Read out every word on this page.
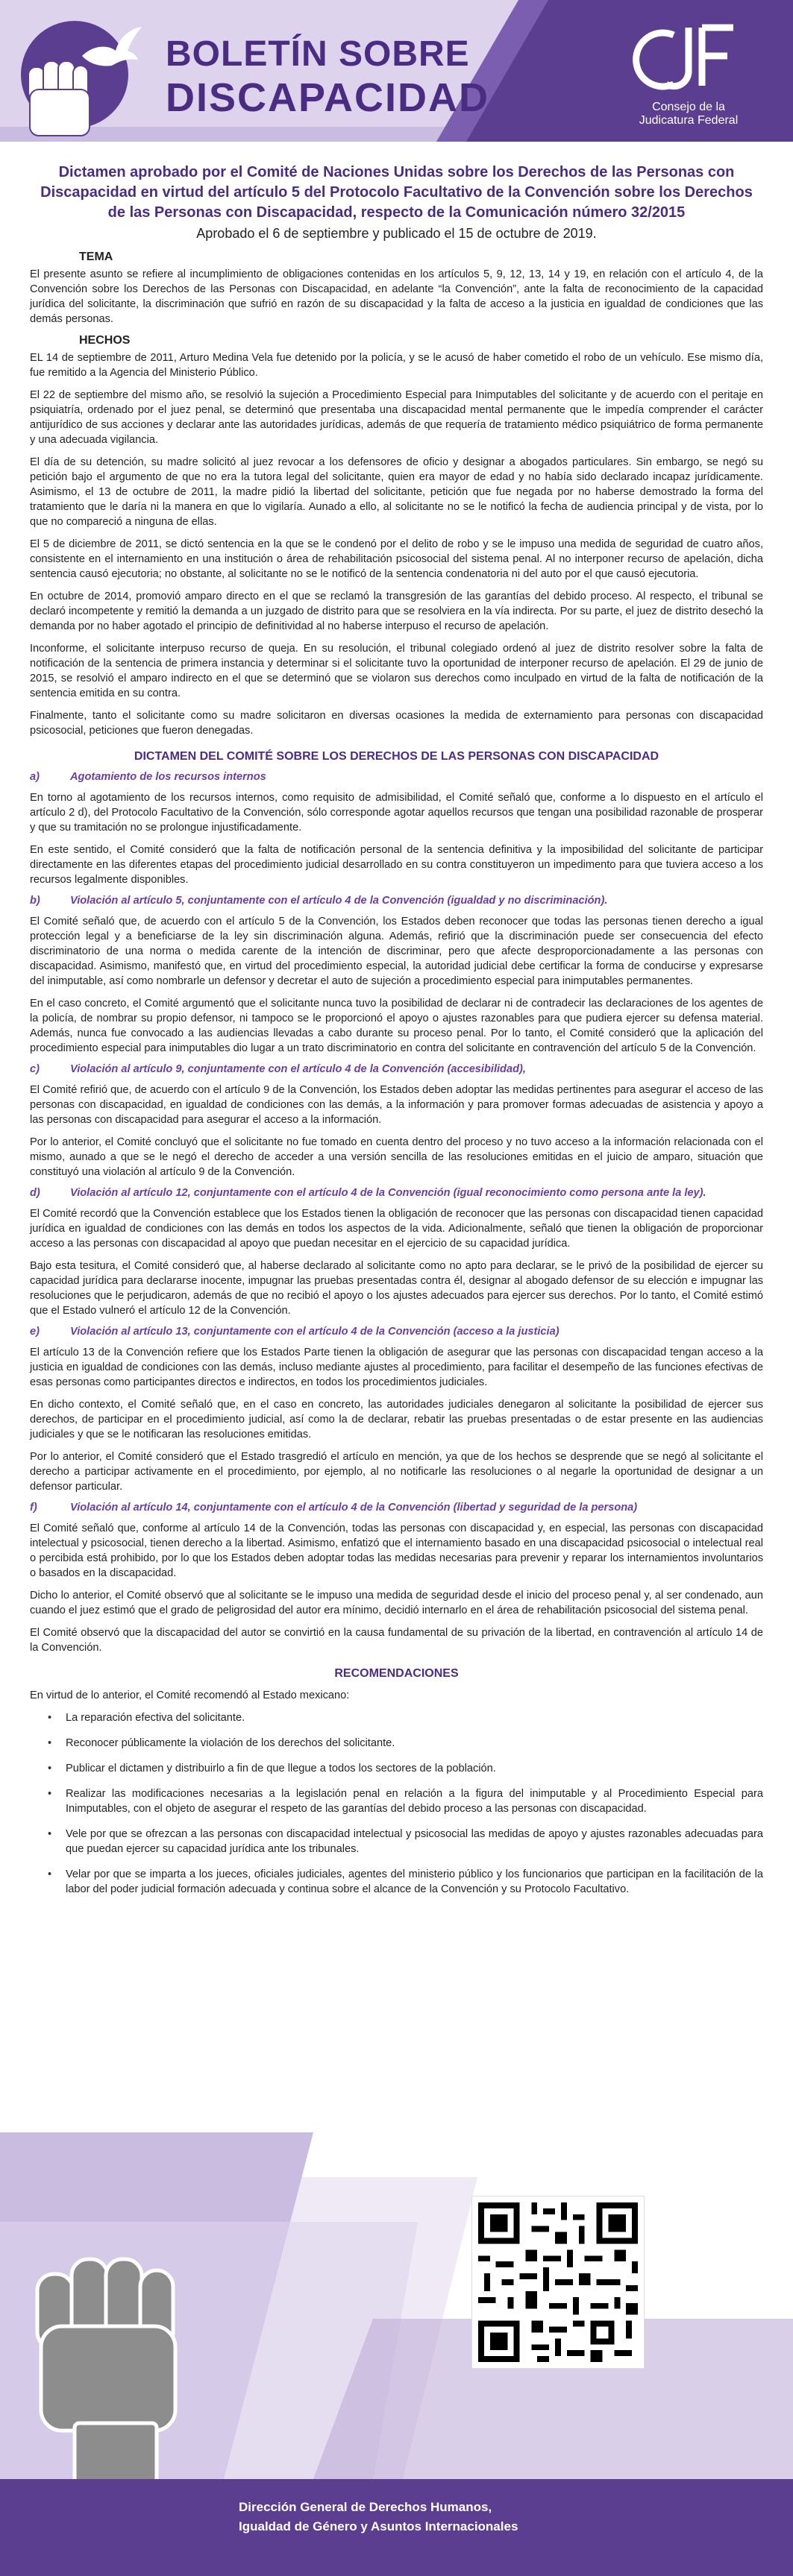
BOLETÍN SOBRE
DISCAPACIDAD	Consejo de la
Judicatura Federal
Dictamen aprobado por el Comité de Naciones Unidas sobre los Derechos de las Personas con Discapacidad en virtud del artículo 5 del Protocolo Facultativo de la Convención sobre los Derechos de las Personas con Discapacidad, respecto de la Comunicación número 32/2015
Aprobado el 6 de septiembre y publicado el 15 de octubre de 2019.
TEMA

El presente asunto se refiere al incumplimiento de obligaciones contenidas en los artículos 5, 9, 12, 13, 14 y 19, en relación con el artículo 4, de la Convención sobre los Derechos de las Personas con Discapacidad, en adelante “la Convención”, ante la falta de reconocimiento de la capacidad jurídica del solicitante, la discriminación que sufrió en razón de su discapacidad y la falta de acceso a la justicia en igualdad de condiciones que las demás personas.

HECHOS

EL 14 de septiembre de 2011, Arturo Medina Vela fue detenido por la policía, y se le acusó de haber cometido el robo de un vehículo. Ese mismo día, fue remitido a la Agencia del Ministerio Público.

El 22 de septiembre del mismo año, se resolvió la sujeción a Procedimiento Especial para Inimputables del solicitante y de acuerdo con el peritaje en psiquiatría, ordenado por el juez penal, se determinó que presentaba una discapacidad mental permanente que le impedía comprender el carácter antijurídico de sus acciones y declarar ante las autoridades jurídicas, además de que requería de tratamiento médico psiquiátrico de forma permanente y una adecuada vigilancia.

El día de su detención, su madre solicitó al juez revocar a los defensores de oficio y designar a abogados particulares. Sin embargo, se negó su petición bajo el argumento de que no era la tutora legal del solicitante, quien era mayor de edad y no había sido declarado incapaz jurídicamente. Asimismo, el 13 de octubre de 2011, la madre pidió la libertad del solicitante, petición que fue negada por no haberse demostrado la forma del tratamiento que le daría ni la manera en que lo vigilaría. Aunado a ello, al solicitante no se le notificó la fecha de audiencia principal y de vista, por lo que no compareció a ninguna de ellas.

El 5 de diciembre de 2011, se dictó sentencia en la que se le condenó por el delito de robo y se le impuso una medida de seguridad de cuatro años, consistente en el internamiento en una institución o área de rehabilitación psicosocial del sistema penal. Al no interponer recurso de apelación, dicha sentencia causó ejecutoria; no obstante, al solicitante no se le notificó de la sentencia condenatoria ni del auto por el que causó ejecutoria.

En octubre de 2014, promovió amparo directo en el que se reclamó la transgresión de las garantías del debido proceso. Al respecto, el tribunal se declaró incompetente y remitió la demanda a un juzgado de distrito para que se resolviera en la vía indirecta. Por su parte, el juez de distrito desechó la demanda por no haber agotado el principio de definitividad al no haberse interpuso el recurso de apelación.

Inconforme, el solicitante interpuso recurso de queja. En su resolución, el tribunal colegiado ordenó al juez de distrito resolver sobre la falta de notificación de la sentencia de primera instancia y determinar si el solicitante tuvo la oportunidad de interponer recurso de apelación. El 29 de junio de 2015, se resolvió el amparo indirecto en el que se determinó que se violaron sus derechos como inculpado en virtud de la falta de notificación de la sentencia emitida en su contra.

Finalmente, tanto el solicitante como su madre solicitaron en diversas ocasiones la medida de externamiento para personas con discapacidad psicosocial, peticiones que fueron denegadas.

DICTAMEN DEL COMITÉ SOBRE LOS DERECHOS DE LAS PERSONAS CON DISCAPACIDAD
a)	Agotamiento de los recursos internos

En torno al agotamiento de los recursos internos, como requisito de admisibilidad, el Comité señaló que, conforme a lo dispuesto en el artículo el artículo 2 d), del Protocolo Facultativo de la Convención, sólo corresponde agotar aquellos recursos que tengan una posibilidad razonable de prosperar y que su tramitación no se prolongue injustificadamente.

En este sentido, el Comité consideró que la falta de notificación personal de la sentencia definitiva y la imposibilidad del solicitante de participar directamente en las diferentes etapas del procedimiento judicial desarrollado en su contra constituyeron un impedimento para que tuviera acceso a los recursos legalmente disponibles.

b)	Violación al artículo 5, conjuntamente con el artículo 4 de la Convención (igualdad y no discriminación).

El Comité señaló que, de acuerdo con el artículo 5 de la Convención, los Estados deben reconocer que todas las personas tienen derecho a igual protección legal y a beneficiarse de la ley sin discriminación alguna. Además, refirió que la discriminación puede ser consecuencia del efecto discriminatorio de una norma o medida carente de la intención de discriminar, pero que afecte desproporcionadamente a las personas con discapacidad. Asimismo, manifestó que, en virtud del procedimiento especial, la autoridad judicial debe certificar la forma de conducirse y expresarse del inimputable, así como nombrarle un defensor y decretar el auto de sujeción a procedimiento especial para inimputables permanentes.

En el caso concreto, el Comité argumentó que el solicitante nunca tuvo la posibilidad de declarar ni de contradecir las declaraciones de los agentes de la policía, de nombrar su propio defensor, ni tampoco se le proporcionó el apoyo o ajustes razonables para que pudiera ejercer su defensa material. Además, nunca fue convocado a las audiencias llevadas a cabo durante su proceso penal. Por lo tanto, el Comité consideró que la aplicación del procedimiento especial para inimputables dio lugar a un trato discriminatorio en contra del solicitante en contravención del artículo 5 de la Convención.

c)	Violación al artículo 9, conjuntamente con el artículo 4 de la Convención (accesibilidad),

El Comité refirió que, de acuerdo con el artículo 9 de la Convención, los Estados deben adoptar las medidas pertinentes para asegurar el acceso de las personas con discapacidad, en igualdad de condiciones con las demás, a la información y para promover formas adecuadas de asistencia y apoyo a las personas con discapacidad para asegurar el acceso a la información.

Por lo anterior, el Comité concluyó que el solicitante no fue tomado en cuenta dentro del proceso y no tuvo acceso a la información relacionada con el mismo, aunado a que se le negó el derecho de acceder a una versión sencilla de las resoluciones emitidas en el juicio de amparo, situación que constituyó una violación al artículo 9 de la Convención.

d)	Violación al artículo 12, conjuntamente con el artículo 4 de la Convención (igual reconocimiento como persona ante la ley).

El Comité recordó que la Convención establece que los Estados tienen la obligación de reconocer que las personas con discapacidad tienen capacidad jurídica en igualdad de condiciones con las demás en todos los aspectos de la vida. Adicionalmente, señaló que tienen la obligación de proporcionar acceso a las personas con discapacidad al apoyo que puedan necesitar en el ejercicio de su capacidad jurídica.

Bajo esta tesitura, el Comité consideró que, al haberse declarado al solicitante como no apto para declarar, se le privó de la posibilidad de ejercer su capacidad jurídica para declararse inocente, impugnar las pruebas presentadas contra él, designar al abogado defensor de su elección e impugnar las resoluciones que le perjudicaron, además de que no recibió el apoyo o los ajustes adecuados para ejercer sus derechos. Por lo tanto, el Comité estimó que el Estado vulneró el artículo 12 de la Convención.

e)	Violación al artículo 13, conjuntamente con el artículo 4 de la Convención (acceso a la justicia)

El artículo 13 de la Convención refiere que los Estados Parte tienen la obligación de asegurar que las personas con discapacidad tengan acceso a la justicia en igualdad de condiciones con las demás, incluso mediante ajustes al procedimiento, para facilitar el desempeño de las funciones efectivas de esas personas como participantes directos e indirectos, en todos los procedimientos judiciales.

En dicho contexto, el Comité señaló que, en el caso en concreto, las autoridades judiciales denegaron al solicitante la posibilidad de ejercer sus derechos, de participar en el procedimiento judicial, así como la de declarar, rebatir las pruebas presentadas o de estar presente en las audiencias judiciales y que se le notificaran las resoluciones emitidas.

Por lo anterior, el Comité consideró que el Estado trasgredió el artículo en mención, ya que de los hechos se desprende que se negó al solicitante el derecho a participar activamente en el procedimiento, por ejemplo, al no notificarle las resoluciones o al negarle la oportunidad de designar a un defensor particular.

f)	Violación al artículo 14, conjuntamente con el artículo 4 de la Convención (libertad y seguridad de la persona)

El Comité señaló que, conforme al artículo 14 de la Convención, todas las personas con discapacidad y, en especial, las personas con discapacidad intelectual y psicosocial, tienen derecho a la libertad. Asimismo, enfatizó que el internamiento basado en una discapacidad psicosocial o intelectual real o percibida está prohibido, por lo que los Estados deben adoptar todas las medidas necesarias para prevenir y reparar los internamientos involuntarios o basados en la discapacidad.

Dicho lo anterior, el Comité observó que al solicitante se le impuso una medida de seguridad desde el inicio del proceso penal y, al ser condenado, aun cuando el juez estimó que el grado de peligrosidad del autor era mínimo, decidió internarlo en el área de rehabilitación psicosocial del sistema penal.

El Comité observó que la discapacidad del autor se convirtió en la causa fundamental de su privación de la libertad, en contravención al artículo 14 de la Convención.

RECOMENDACIONES

En virtud de lo anterior, el Comité recomendó al Estado mexicano:

• La reparación efectiva del solicitante.
• Reconocer públicamente la violación de los derechos del solicitante.
• Publicar el dictamen y distribuirlo a fin de que llegue a todos los sectores de la población.
• Realizar las modificaciones necesarias a la legislación penal en relación a la figura del inimputable y al Procedimiento Especial para Inimputables, con el objeto de asegurar el respeto de las garantías del debido proceso a las personas con discapacidad.
• Vele por que se ofrezcan a las personas con discapacidad intelectual y psicosocial las medidas de apoyo y ajustes razonables adecuadas para que puedan ejercer su capacidad jurídica ante los tribunales.
• Velar por que se imparta a los jueces, oficiales judiciales, agentes del ministerio público y los funcionarios que participan en la facilitación de la labor del poder judicial formación adecuada y continua sobre el alcance de la Convención y su Protocolo Facultativo.
Dirección General de Derechos Humanos,
Igualdad de Género y Asuntos Internacionales
